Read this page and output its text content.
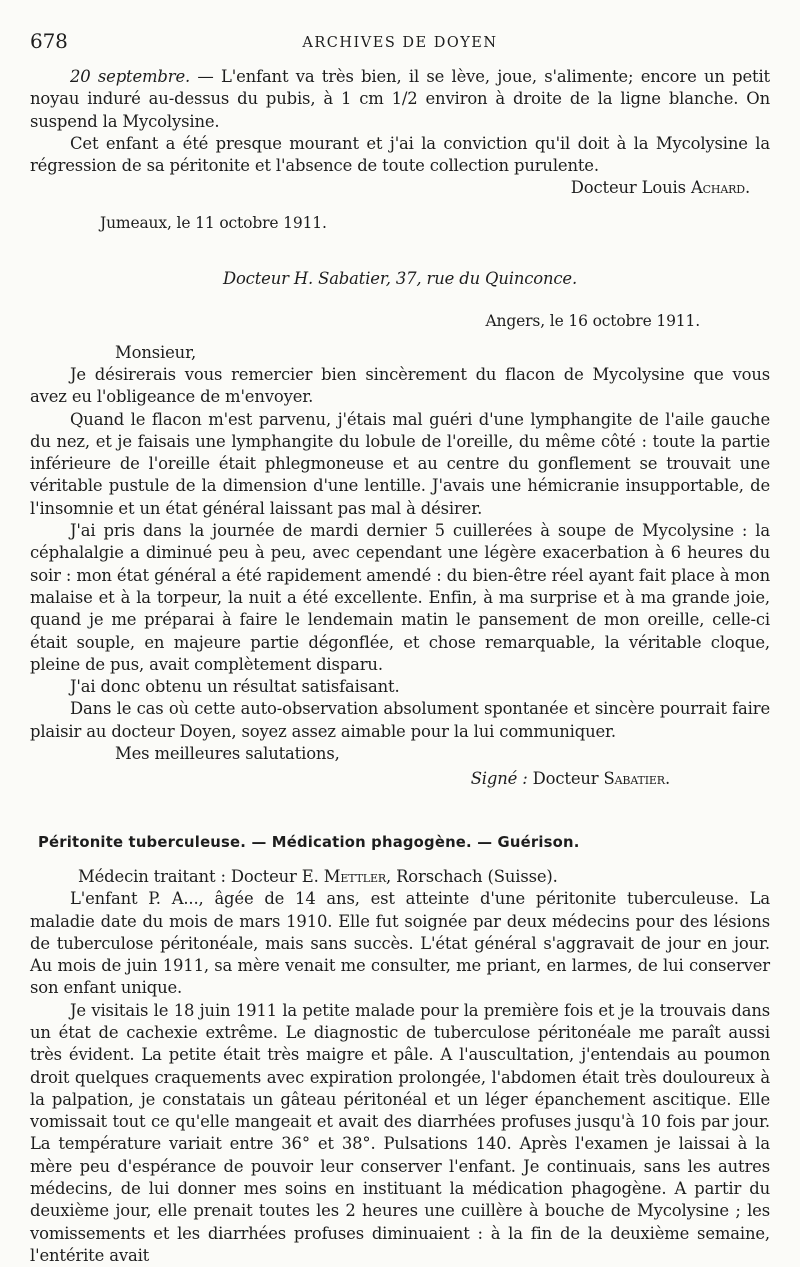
678	ARCHIVES DE DOYEN

20 septembre. — L'enfant va très bien, il se lève, joue, s'alimente; encore un petit noyau induré au-dessus du pubis, à 1 cm 1/2 environ à droite de la ligne blanche. On suspend la Mycolysine.

Cet enfant a été presque mourant et j'ai la conviction qu'il doit à la Mycolysine la régression de sa péritonite et l'absence de toute collection purulente.

Docteur Louis Achard.

Jumeaux, le 11 octobre 1911.

Docteur H. Sabatier, 37, rue du Quinconce.

Angers, le 16 octobre 1911.

Monsieur,

Je désirerais vous remercier bien sincèrement du flacon de Mycolysine que vous avez eu l'obligeance de m'envoyer.

Quand le flacon m'est parvenu, j'étais mal guéri d'une lymphangite de l'aile gauche du nez, et je faisais une lymphangite du lobule de l'oreille, du même côté : toute la partie inférieure de l'oreille était phlegmoneuse et au centre du gonflement se trouvait une véritable pustule de la dimension d'une lentille. J'avais une hémicranie insupportable, de l'insomnie et un état général laissant pas mal à désirer.

J'ai pris dans la journée de mardi dernier 5 cuillerées à soupe de Mycolysine : la céphalalgie a diminué peu à peu, avec cependant une légère exacerbation à 6 heures du soir : mon état général a été rapidement amendé : du bien-être réel ayant fait place à mon malaise et à la torpeur, la nuit a été excellente. Enfin, à ma surprise et à ma grande joie, quand je me préparai à faire le lendemain matin le pansement de mon oreille, celle-ci était souple, en majeure partie dégonflée, et chose remarquable, la véritable cloque, pleine de pus, avait complètement disparu.

J'ai donc obtenu un résultat satisfaisant.

Dans le cas où cette auto-observation absolument spontanée et sincère pourrait faire plaisir au docteur Doyen, soyez assez aimable pour la lui communiquer.

Mes meilleures salutations,

Signé : Docteur Sabatier.

Péritonite tuberculeuse. — Médication phagogène. — Guérison.

Médecin traitant : Docteur E. Mettler, Rorschach (Suisse).

L'enfant P. A..., âgée de 14 ans, est atteinte d'une péritonite tuberculeuse. La maladie date du mois de mars 1910. Elle fut soignée par deux médecins pour des lésions de tuberculose péritonéale, mais sans succès. L'état général s'aggravait de jour en jour. Au mois de juin 1911, sa mère venait me consulter, me priant, en larmes, de lui conserver son enfant unique.

Je visitais le 18 juin 1911 la petite malade pour la première fois et je la trouvais dans un état de cachexie extrême. Le diagnostic de tuberculose péritonéale me paraît aussi très évident. La petite était très maigre et pâle. A l'auscultation, j'entendais au poumon droit quelques craquements avec expiration prolongée, l'abdomen était très douloureux à la palpation, je constatais un gâteau péritonéal et un léger épanchement ascitique. Elle vomissait tout ce qu'elle mangeait et avait des diarrhées profuses jusqu'à 10 fois par jour. La température variait entre 36° et 38°. Pulsations 140. Après l'examen je laissai à la mère peu d'espérance de pouvoir leur conserver l'enfant. Je continuais, sans les autres médecins, de lui donner mes soins en instituant la médication phagogène. A partir du deuxième jour, elle prenait toutes les 2 heures une cuillère à bouche de Mycolysine ; les vomissements et les diarrhées profuses diminuaient : à la fin de la deuxième semaine, l'entérite avait
